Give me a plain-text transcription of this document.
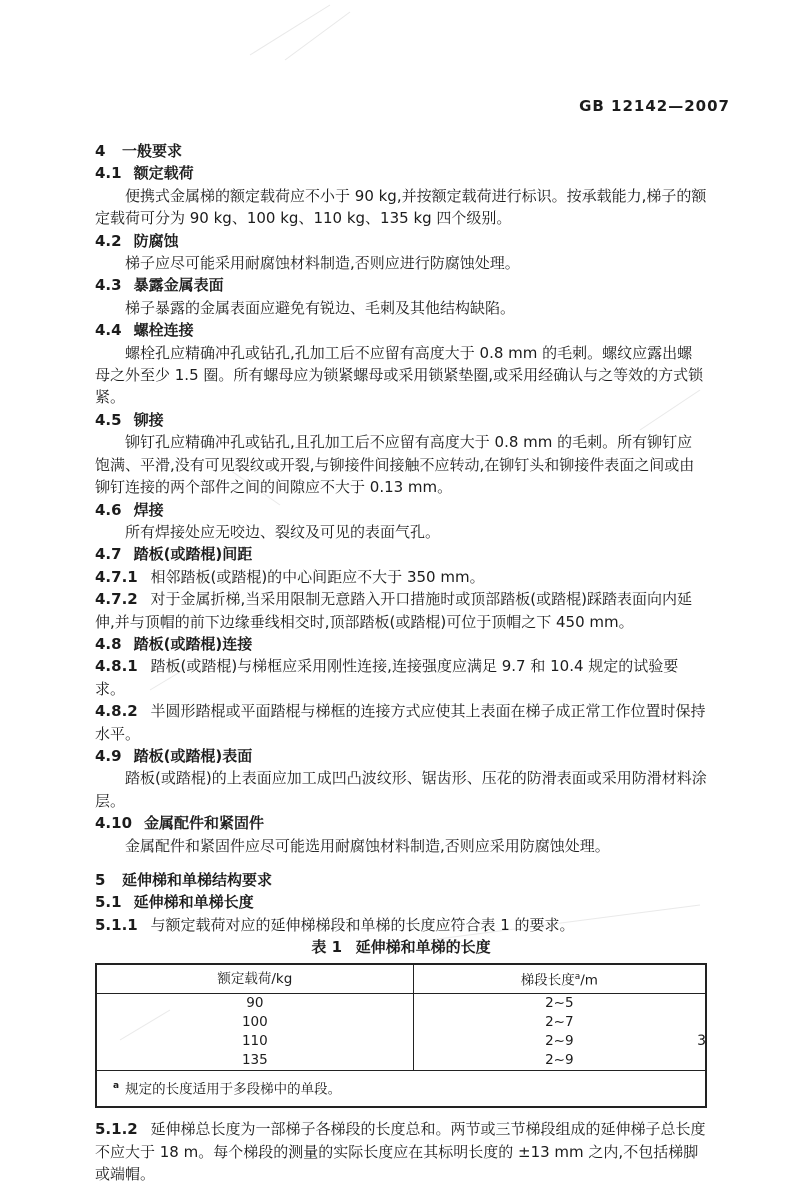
GB 12142—2007
4 一般要求
4.1 额定载荷

便携式金属梯的额定载荷应不小于 90 kg,并按额定载荷进行标识。按承载能力,梯子的额定载荷可分为 90 kg、100 kg、110 kg、135 kg 四个级别。

4.2 防腐蚀

梯子应尽可能采用耐腐蚀材料制造,否则应进行防腐蚀处理。

4.3 暴露金属表面

梯子暴露的金属表面应避免有锐边、毛刺及其他结构缺陷。

4.4 螺栓连接

螺栓孔应精确冲孔或钻孔,孔加工后不应留有高度大于 0.8 mm 的毛刺。螺纹应露出螺母之外至少 1.5 圈。所有螺母应为锁紧螺母或采用锁紧垫圈,或采用经确认与之等效的方式锁紧。

4.5 铆接

铆钉孔应精确冲孔或钻孔,且孔加工后不应留有高度大于 0.8 mm 的毛刺。所有铆钉应饱满、平滑,没有可见裂纹或开裂,与铆接件间接触不应转动,在铆钉头和铆接件表面之间或由铆钉连接的两个部件之间的间隙应不大于 0.13 mm。

4.6 焊接

所有焊接处应无咬边、裂纹及可见的表面气孔。

4.7 踏板(或踏棍)间距

4.7.1 相邻踏板(或踏棍)的中心间距应不大于 350 mm。

4.7.2 对于金属折梯,当采用限制无意踏入开口措施时或顶部踏板(或踏棍)踩踏表面向内延伸,并与顶帽的前下边缘垂线相交时,顶部踏板(或踏棍)可位于顶帽之下 450 mm。

4.8 踏板(或踏棍)连接

4.8.1 踏板(或踏棍)与梯框应采用刚性连接,连接强度应满足 9.7 和 10.4 规定的试验要求。

4.8.2 半圆形踏棍或平面踏棍与梯框的连接方式应使其上表面在梯子成正常工作位置时保持水平。

4.9 踏板(或踏棍)表面

踏板(或踏棍)的上表面应加工成凹凸波纹形、锯齿形、压花的防滑表面或采用防滑材料涂层。

4.10 金属配件和紧固件

金属配件和紧固件应尽可能选用耐腐蚀材料制造,否则应采用防腐蚀处理。

5 延伸梯和单梯结构要求
5.1 延伸梯和单梯长度

5.1.1 与额定载荷对应的延伸梯梯段和单梯的长度应符合表 1 的要求。

表 1 延伸梯和单梯的长度

额定载荷/kg	梯段长度$^a$/m
90	2~5
100	2~7
110	2~9
135	2~9
$^a$ 规定的长度适用于多段梯中的单段。	

5.1.2 延伸梯总长度为一部梯子各梯段的长度总和。两节或三节梯段组成的延伸梯子总长度不应大于 18 m。每个梯段的测量的实际长度应在其标明长度的 ±13 mm 之内,不包括梯脚或端帽。

3
